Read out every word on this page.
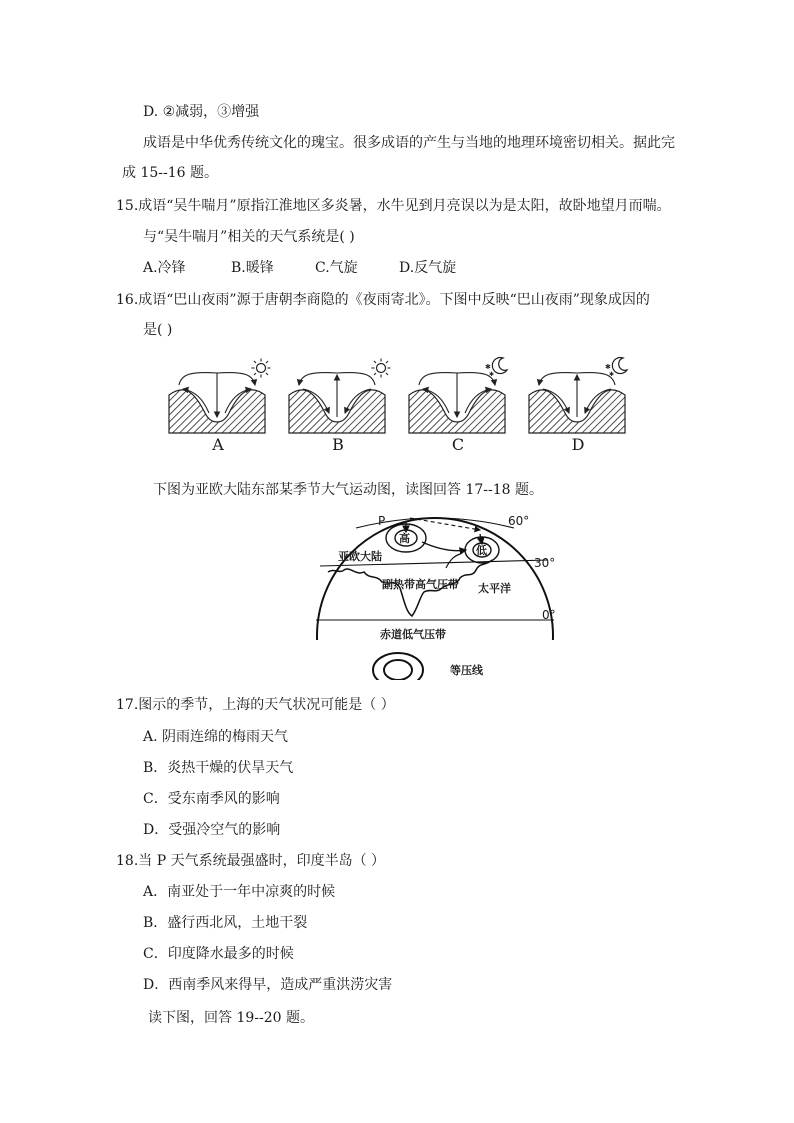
D. ②减弱，③增强
成语是中华优秀传统文化的瑰宝。很多成语的产生与当地的地理环境密切相关。据此完
成 15--16 题。
15.成语“吴牛喘月”原指江淮地区多炎暑，水牛见到月亮误以为是太阳，故卧地望月而喘。
与“吴牛喘月”相关的天气系统是( )
A.冷锋	B.暖锋	C.气旋	D.反气旋
16.成语“巴山夜雨”源于唐朝李商隐的《夜雨寄北》。下图中反映“巴山夜雨”现象成因的
是( )
A	B
✱
✱
C
✱
✱
D
下图为亚欧大陆东部某季节大气运动图，读图回答 17--18 题。
P
高
低
60°
30°
0°
亚欧大陆
副热带高气压带 太平洋
赤道低气压带
等压线
17.图示的季节，上海的天气状况可能是（ ）
A. 阴雨连绵的梅雨天气
B．炎热干燥的伏旱天气
C．受东南季风的影响
D．受强冷空气的影响
18.当 P 天气系统最强盛时，印度半岛（ ）
A．南亚处于一年中凉爽的时候
B．盛行西北风，土地干裂
C．印度降水最多的时候
D．西南季风来得早，造成严重洪涝灾害
读下图，回答 19--20 题。
